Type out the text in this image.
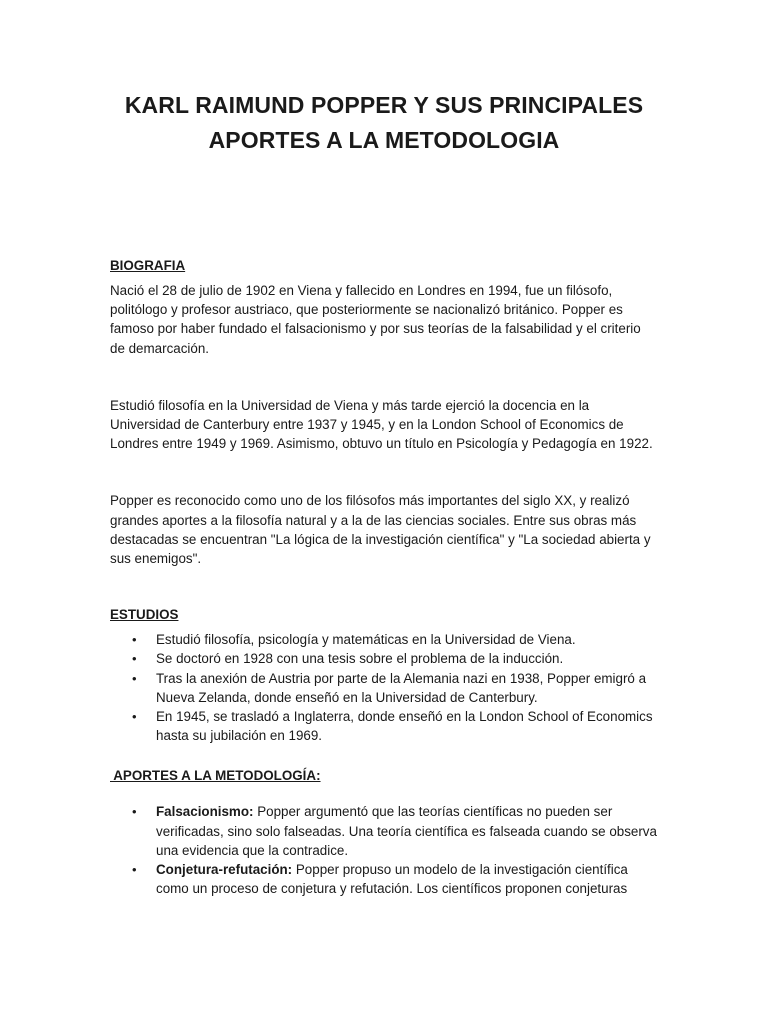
KARL RAIMUND POPPER Y SUS PRINCIPALES
APORTES A LA METODOLOGIA
BIOGRAFIA

Nació el 28 de julio de 1902 en Viena y fallecido en Londres en 1994, fue un filósofo, politólogo y profesor austriaco, que posteriormente se nacionalizó británico. Popper es famoso por haber fundado el falsacionismo y por sus teorías de la falsabilidad y el criterio de demarcación.

Estudió filosofía en la Universidad de Viena y más tarde ejerció la docencia en la Universidad de Canterbury entre 1937 y 1945, y en la London School of Economics de Londres entre 1949 y 1969. Asimismo, obtuvo un título en Psicología y Pedagogía en 1922.

Popper es reconocido como uno de los filósofos más importantes del siglo XX, y realizó grandes aportes a la filosofía natural y a la de las ciencias sociales. Entre sus obras más destacadas se encuentran "La lógica de la investigación científica" y "La sociedad abierta y sus enemigos".

ESTUDIOS
• Estudió filosofía, psicología y matemáticas en la Universidad de Viena.
• Se doctoró en 1928 con una tesis sobre el problema de la inducción.
• Tras la anexión de Austria por parte de la Alemania nazi en 1938, Popper emigró a Nueva Zelanda, donde enseñó en la Universidad de Canterbury.
• En 1945, se trasladó a Inglaterra, donde enseñó en la London School of Economics hasta su jubilación en 1969.
APORTES A LA METODOLOGÍA:
• Falsacionismo: Popper argumentó que las teorías científicas no pueden ser verificadas, sino solo falseadas. Una teoría científica es falseada cuando se observa una evidencia que la contradice.
• Conjetura-refutación: Popper propuso un modelo de la investigación científica como un proceso de conjetura y refutación. Los científicos proponen conjeturas
